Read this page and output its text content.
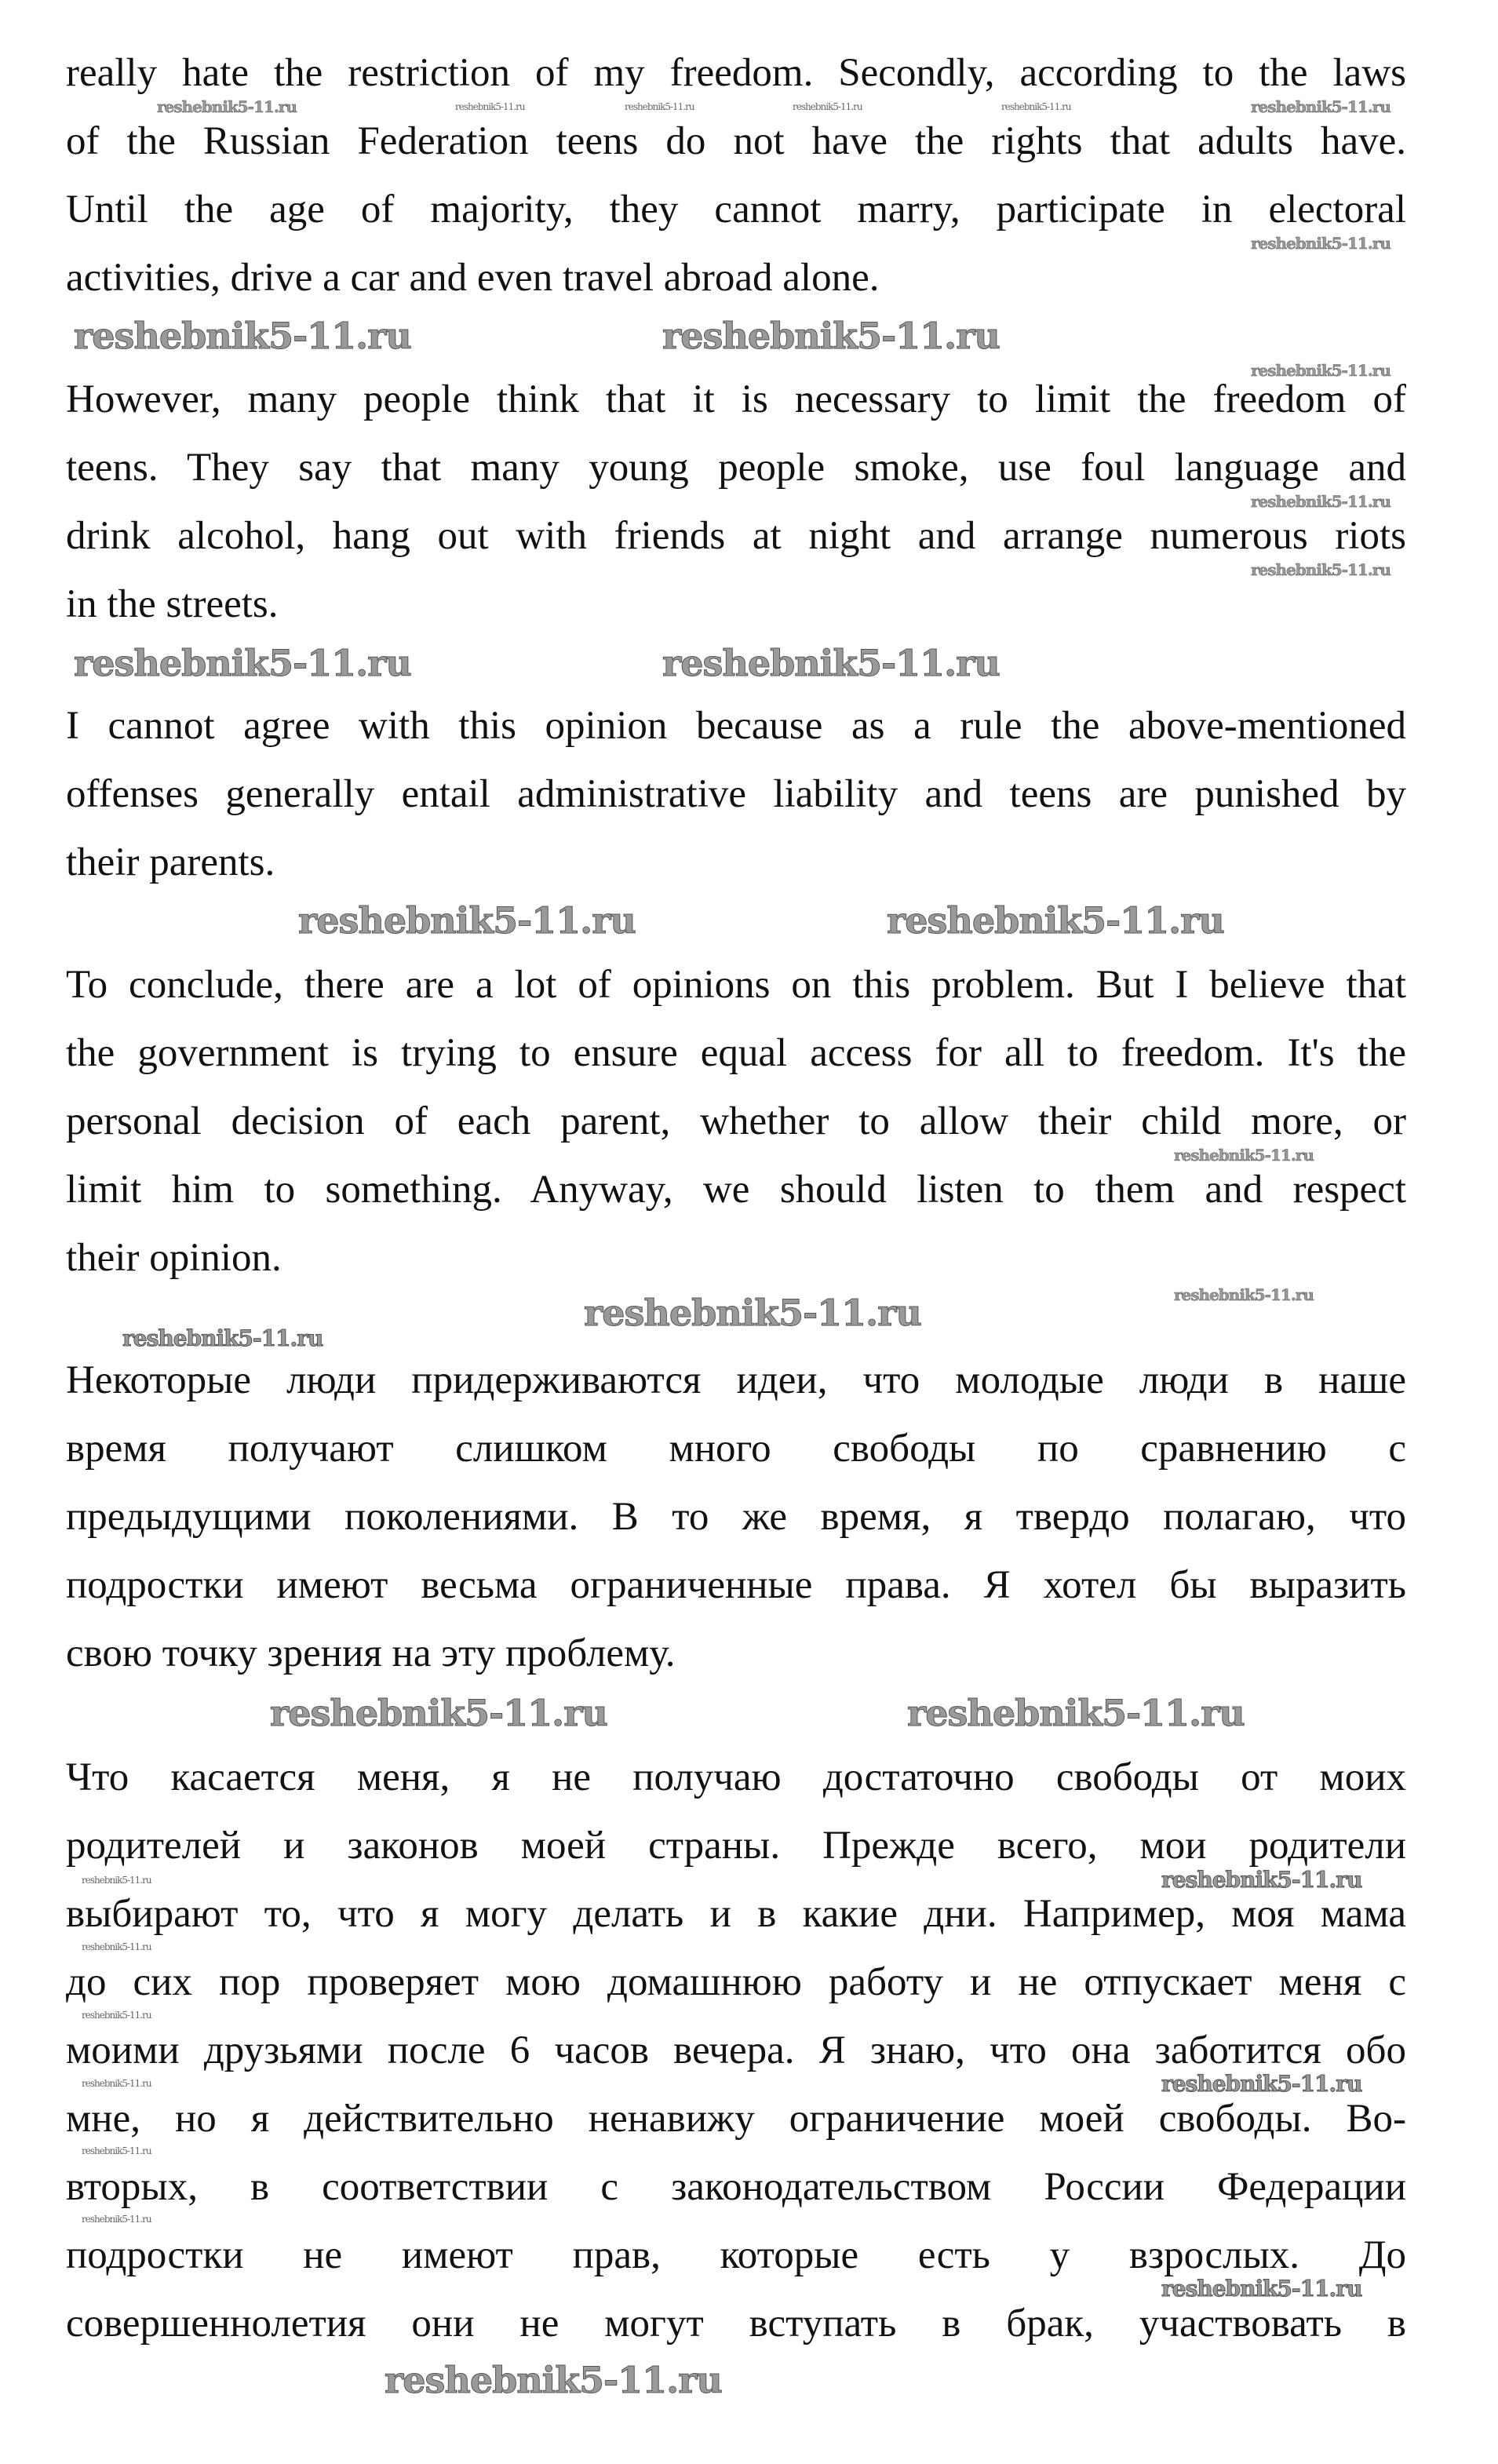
really hate the restriction of my freedom. Secondly, according to the laws
of the Russian Federation teens do not have the rights that adults have.
Until the age of majority, they cannot marry, participate in electoral
activities, drive a car and even travel abroad alone.
However, many people think that it is necessary to limit the freedom of
teens. They say that many young people smoke, use foul language and
drink alcohol, hang out with friends at night and arrange numerous riots
in the streets.
I cannot agree with this opinion because as a rule the above-mentioned
offenses generally entail administrative liability and teens are punished by
their parents.
To conclude, there are a lot of opinions on this problem. But I believe that
the government is trying to ensure equal access for all to freedom. It's the
personal decision of each parent, whether to allow their child more, or
limit him to something. Anyway, we should listen to them and respect
their opinion.
Некоторые люди придерживаются идеи, что молодые люди в наше
время получают слишком много свободы по сравнению с
предыдущими поколениями. В то же время, я твердо полагаю, что
подростки имеют весьма ограниченные права. Я хотел бы выразить
свою точку зрения на эту проблему.
Что касается меня, я не получаю достаточно свободы от моих
родителей и законов моей страны. Прежде всего, мои родители
выбирают то, что я могу делать и в какие дни. Например, моя мама
до сих пор проверяет мою домашнюю работу и не отпускает меня с
моими друзьями после 6 часов вечера. Я знаю, что она заботится обо
мне, но я действительно ненавижу ограничение моей свободы. Во-
вторых, в соответствии с законодательством России Федерации
подростки не имеют прав, которые есть у взрослых. До
совершеннолетия они не могут вступать в брак, участвовать в
reshebnik5-11.ru	reshebnik5-11.ru
reshebnik5-11.ru
reshebnik5-11.ru
reshebnik5-11.ru
reshebnik5-11.ru
reshebnik5-11.ru
reshebnik5-11.ru	reshebnik5-11.ru
reshebnik5-11.ru
reshebnik5-11.ru
reshebnik5-11.ru
reshebnik5-11.ru
reshebnik5-11.ru
reshebnik5-11.ru	reshebnik5-11.ru	reshebnik5-11.ru	reshebnik5-11.ru	reshebnik5-11.ru	reshebnik5-11.ru
reshebnik5-11.ru
reshebnik5-11.ru
reshebnik5-11.ru
reshebnik5-11.ru
reshebnik5-11.ru
reshebnik5-11.ru
reshebnik5-11.ru
reshebnik5-11.ru
reshebnik5-11.ru
reshebnik5-11.ru
reshebnik5-11.ru
reshebnik5-11.ru
